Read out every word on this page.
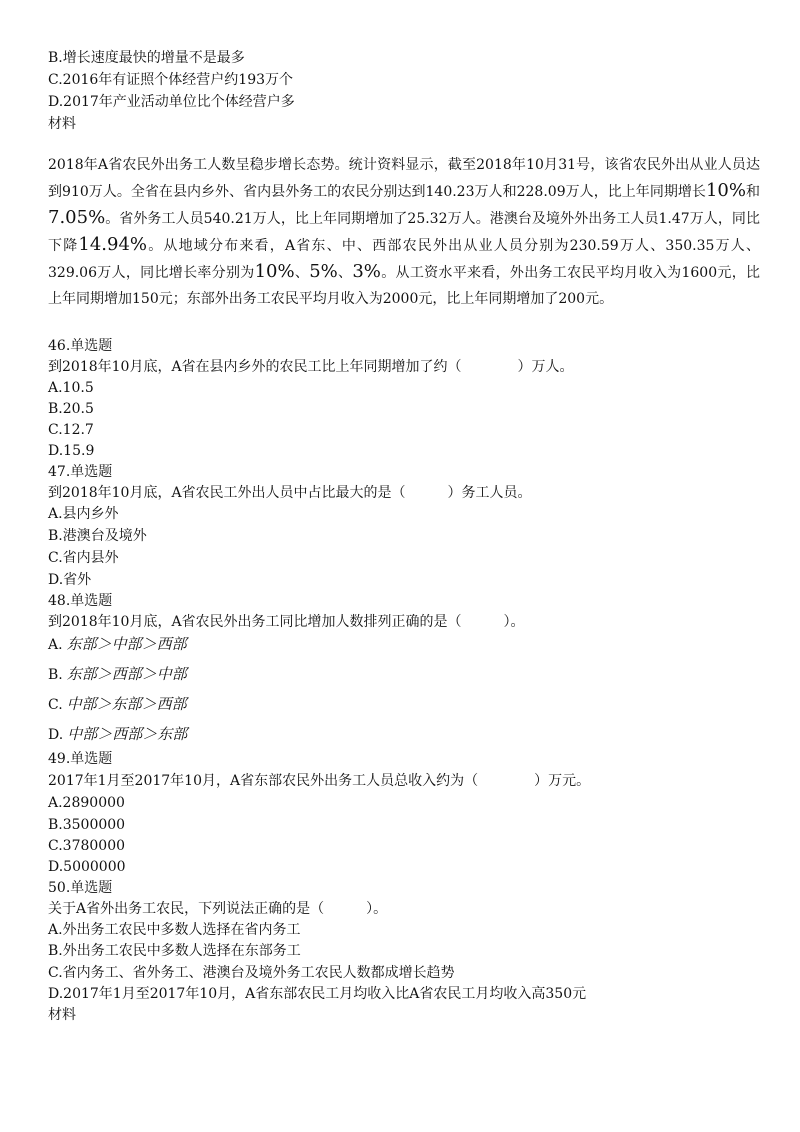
B.增长速度最快的增量不是最多
C.2016年有证照个体经营户约193万个
D.2017年产业活动单位比个体经营户多
材料
2018年A省农民外出务工人数呈稳步增长态势。统计资料显示，截至2018年10月31号，该省农民外出从业人员达到910万人。全省在县内乡外、省内县外务工的农民分别达到140.23万人和228.09万人，比上年同期增长10%和7.05%。省外务工人员540.21万人，比上年同期增加了25.32万人。港澳台及境外外出务工人员1.47万人，同比下降14.94%。从地域分布来看，A省东、中、西部农民外出从业人员分别为230.59万人、350.35万人、329.06万人，同比增长率分别为10%、5%、3%。从工资水平来看，外出务工农民平均月收入为1600元，比上年同期增加150元；东部外出务工农民平均月收入为2000元，比上年同期增加了200元。
46.单选题
到2018年10月底，A省在县内乡外的农民工比上年同期增加了约（　　　　）万人。
A.10.5
B.20.5
C.12.7
D.15.9
47.单选题
到2018年10月底，A省农民工外出人员中占比最大的是（　　　）务工人员。
A.县内乡外
B.港澳台及境外
C.省内县外
D.省外
48.单选题
到2018年10月底，A省农民外出务工同比增加人数排列正确的是（　　　）。
A. 东部＞中部＞西部
B. 东部＞西部＞中部
C. 中部＞东部＞西部
D. 中部＞西部＞东部
49.单选题
2017年1月至2017年10月，A省东部农民外出务工人员总收入约为（　　　　）万元。
A.2890000
B.3500000
C.3780000
D.5000000
50.单选题
关于A省外出务工农民，下列说法正确的是（　　　）。
A.外出务工农民中多数人选择在省内务工
B.外出务工农民中多数人选择在东部务工
C.省内务工、省外务工、港澳台及境外务工农民人数都成增长趋势
D.2017年1月至2017年10月，A省东部农民工月均收入比A省农民工月均收入高350元
材料
